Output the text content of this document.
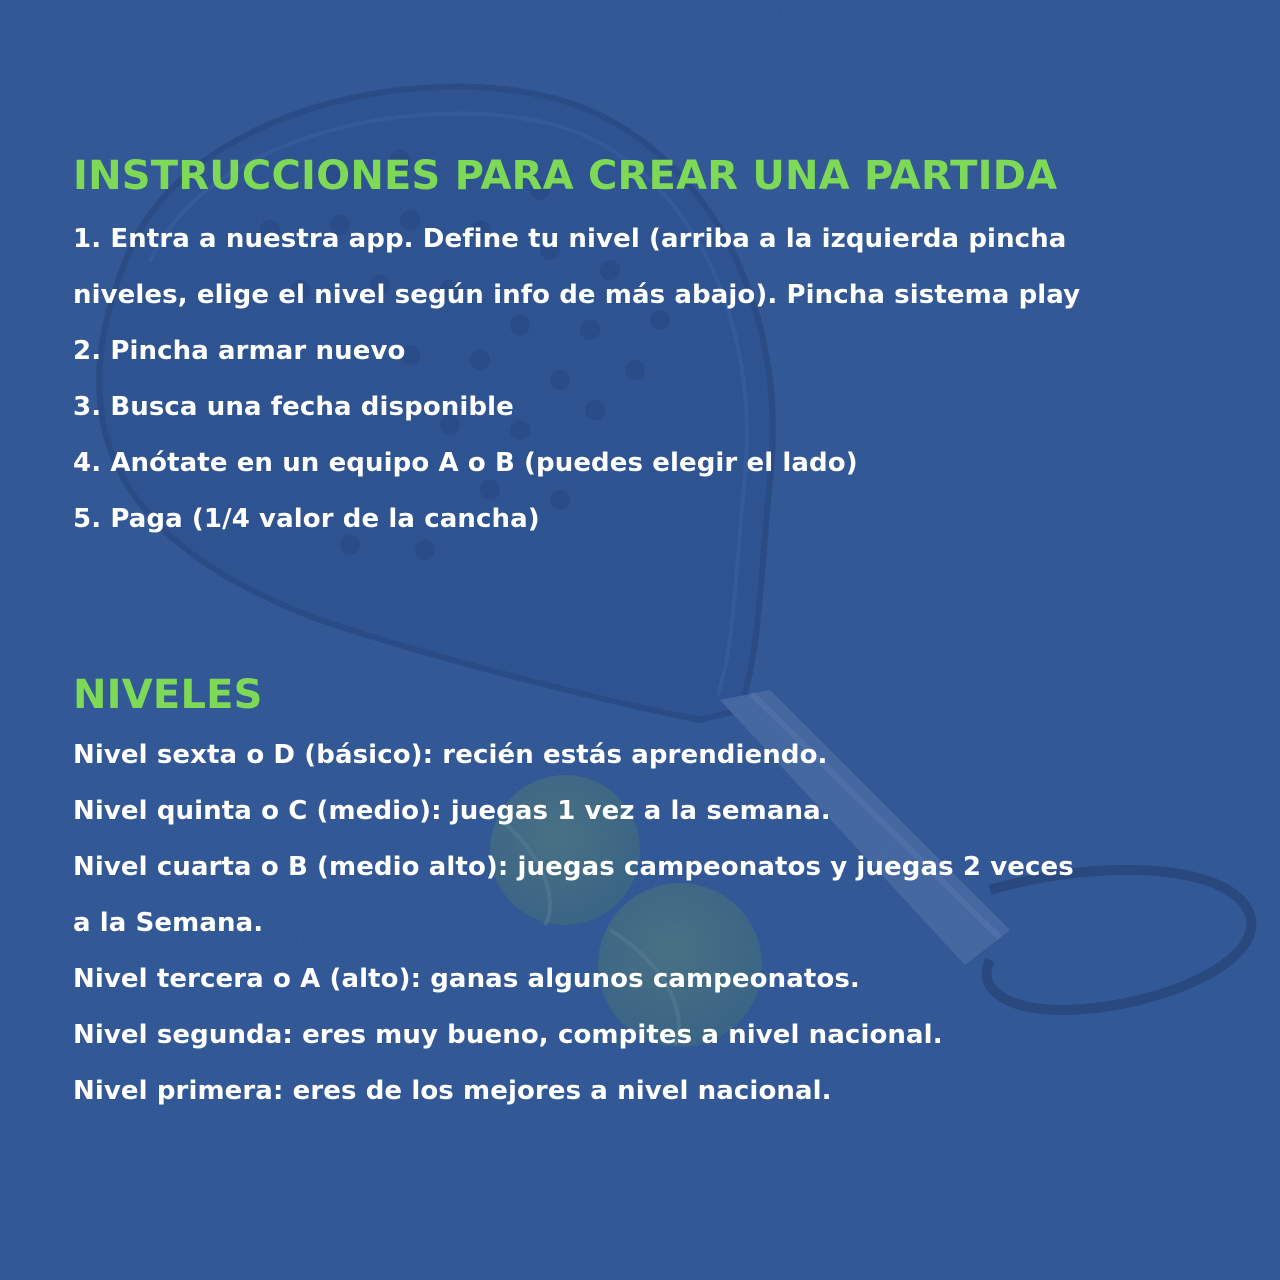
INSTRUCCIONES PARA CREAR UNA PARTIDA
1. Entra a nuestra app. Define tu nivel (arriba a la izquierda pincha
niveles, elige el nivel según info de más abajo). Pincha sistema play
2. Pincha armar nuevo
3. Busca una fecha disponible
4. Anótate en un equipo A o B (puedes elegir el lado)
5. Paga (1/4 valor de la cancha)
NIVELES
Nivel sexta o D (básico): recién estás aprendiendo.
Nivel quinta o C (medio): juegas 1 vez a la semana.
Nivel cuarta o B (medio alto): juegas campeonatos y juegas 2 veces
a la Semana.
Nivel tercera o A (alto): ganas algunos campeonatos.
Nivel segunda: eres muy bueno, compites a nivel nacional.
Nivel primera: eres de los mejores a nivel nacional.
